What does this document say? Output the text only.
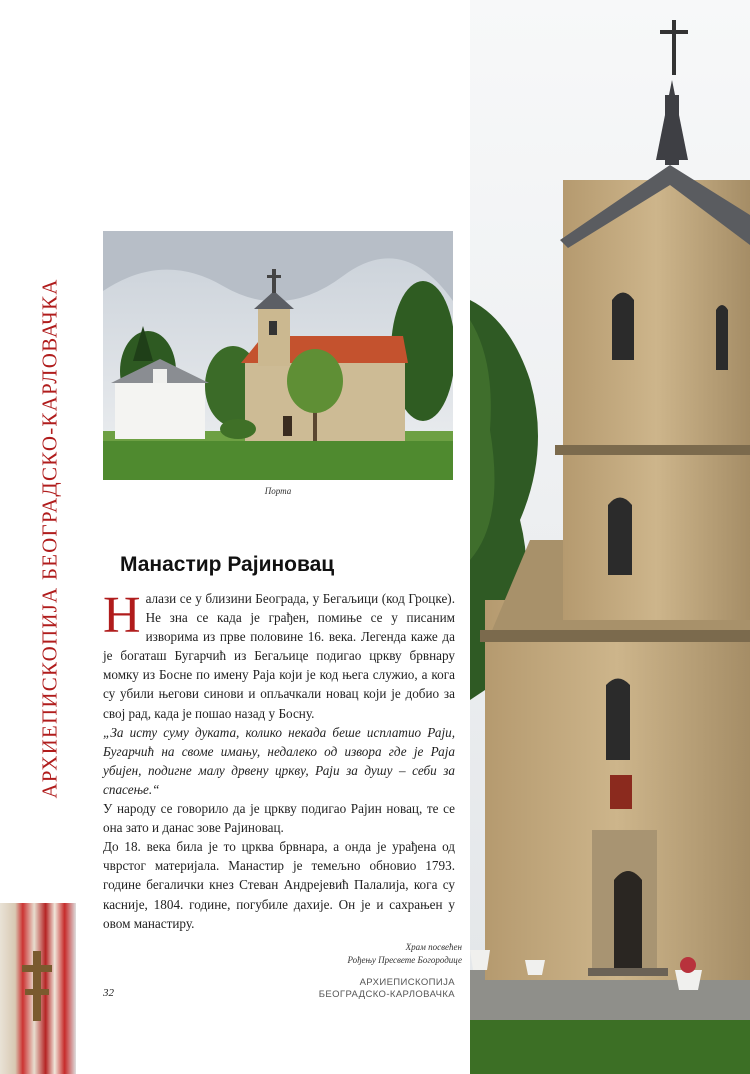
АРХИЕПИСКОПИЈА БЕОГРАДСКО-КАРЛОВАЧКА	Порта
Манастир Рајиновац

Налази се у близини Београда, у Бегаљици (код Гроцке). Не зна се када је грађен, помиње се у писаним изворима из прве половине 16. века. Легенда каже да је богаташ Бугарчић из Бегаљице подигао цркву брвнару момку из Босне по имену Раја који је код њега служио, а кога су убили његови синови и опљачкали новац који је добио за свој рад, када је пошао назад у Босну.

„За исту суму дуката, колико некада беше исплатио Раји, Бугарчић на своме имању, недалеко од извора где је Раја убијен, подигне малу дрвену цркву, Раји за душу – себи за спасење.“

У народу се говорило да је цркву подигао Рајин новац, те се она зато и данас зове Рајиновац.

До 18. века била је то црква брвнара, а онда је урађена од чврстог материјала. Манастир је темељно обновио 1793. године бегалички кнез Стеван Андрејевић Палалија, кога су касније, 1804. године, погубиле дахије. Он је и сахрањен у овом манастиру.

Храм посвећен
Рођењу Пресвете Богородице
32
АРХИЕПИСКОПИЈА
БЕОГРАДСКО-КАРЛОВАЧКА
